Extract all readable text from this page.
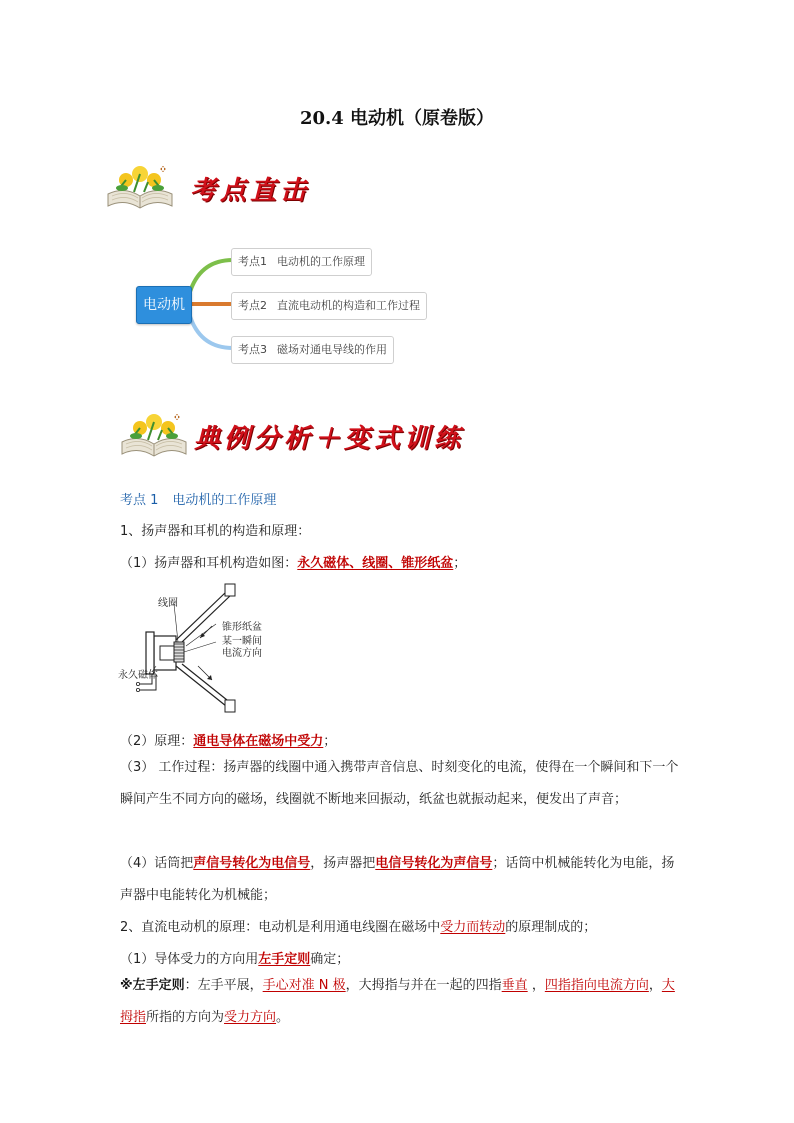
20.4 电动机（原卷版）
考点直击
电动机
考点1 电动机的工作原理
考点2 直流电动机的构造和工作过程
考点3 磁场对通电导线的作用
典例分析＋变式训练
考点 1 电动机的工作原理
1、扬声器和耳机的构造和原理：
（1）扬声器和耳机构造如图：永久磁体、线圈、锥形纸盆；
线圈
锥形纸盆
某一瞬间
电流方向
永久磁体
（2）原理：通电导体在磁场中受力；
（3） 工作过程：扬声器的线圈中通入携带声音信息、时刻变化的电流，使得在一个瞬间和下一个瞬间产生不同方向的磁场，线圈就不断地来回振动，纸盆也就振动起来，便发出了声音；
（4）话筒把声信号转化为电信号，扬声器把电信号转化为声信号；话筒中机械能转化为电能，扬声器中电能转化为机械能；
2、直流电动机的原理：电动机是利用通电线圈在磁场中受力而转动的原理制成的；
（1）导体受力的方向用左手定则确定；
※左手定则：左手平展，手心对准 N 极，大拇指与并在一起的四指垂直 ，四指指向电流方向，大拇指所指的方向为受力方向。
